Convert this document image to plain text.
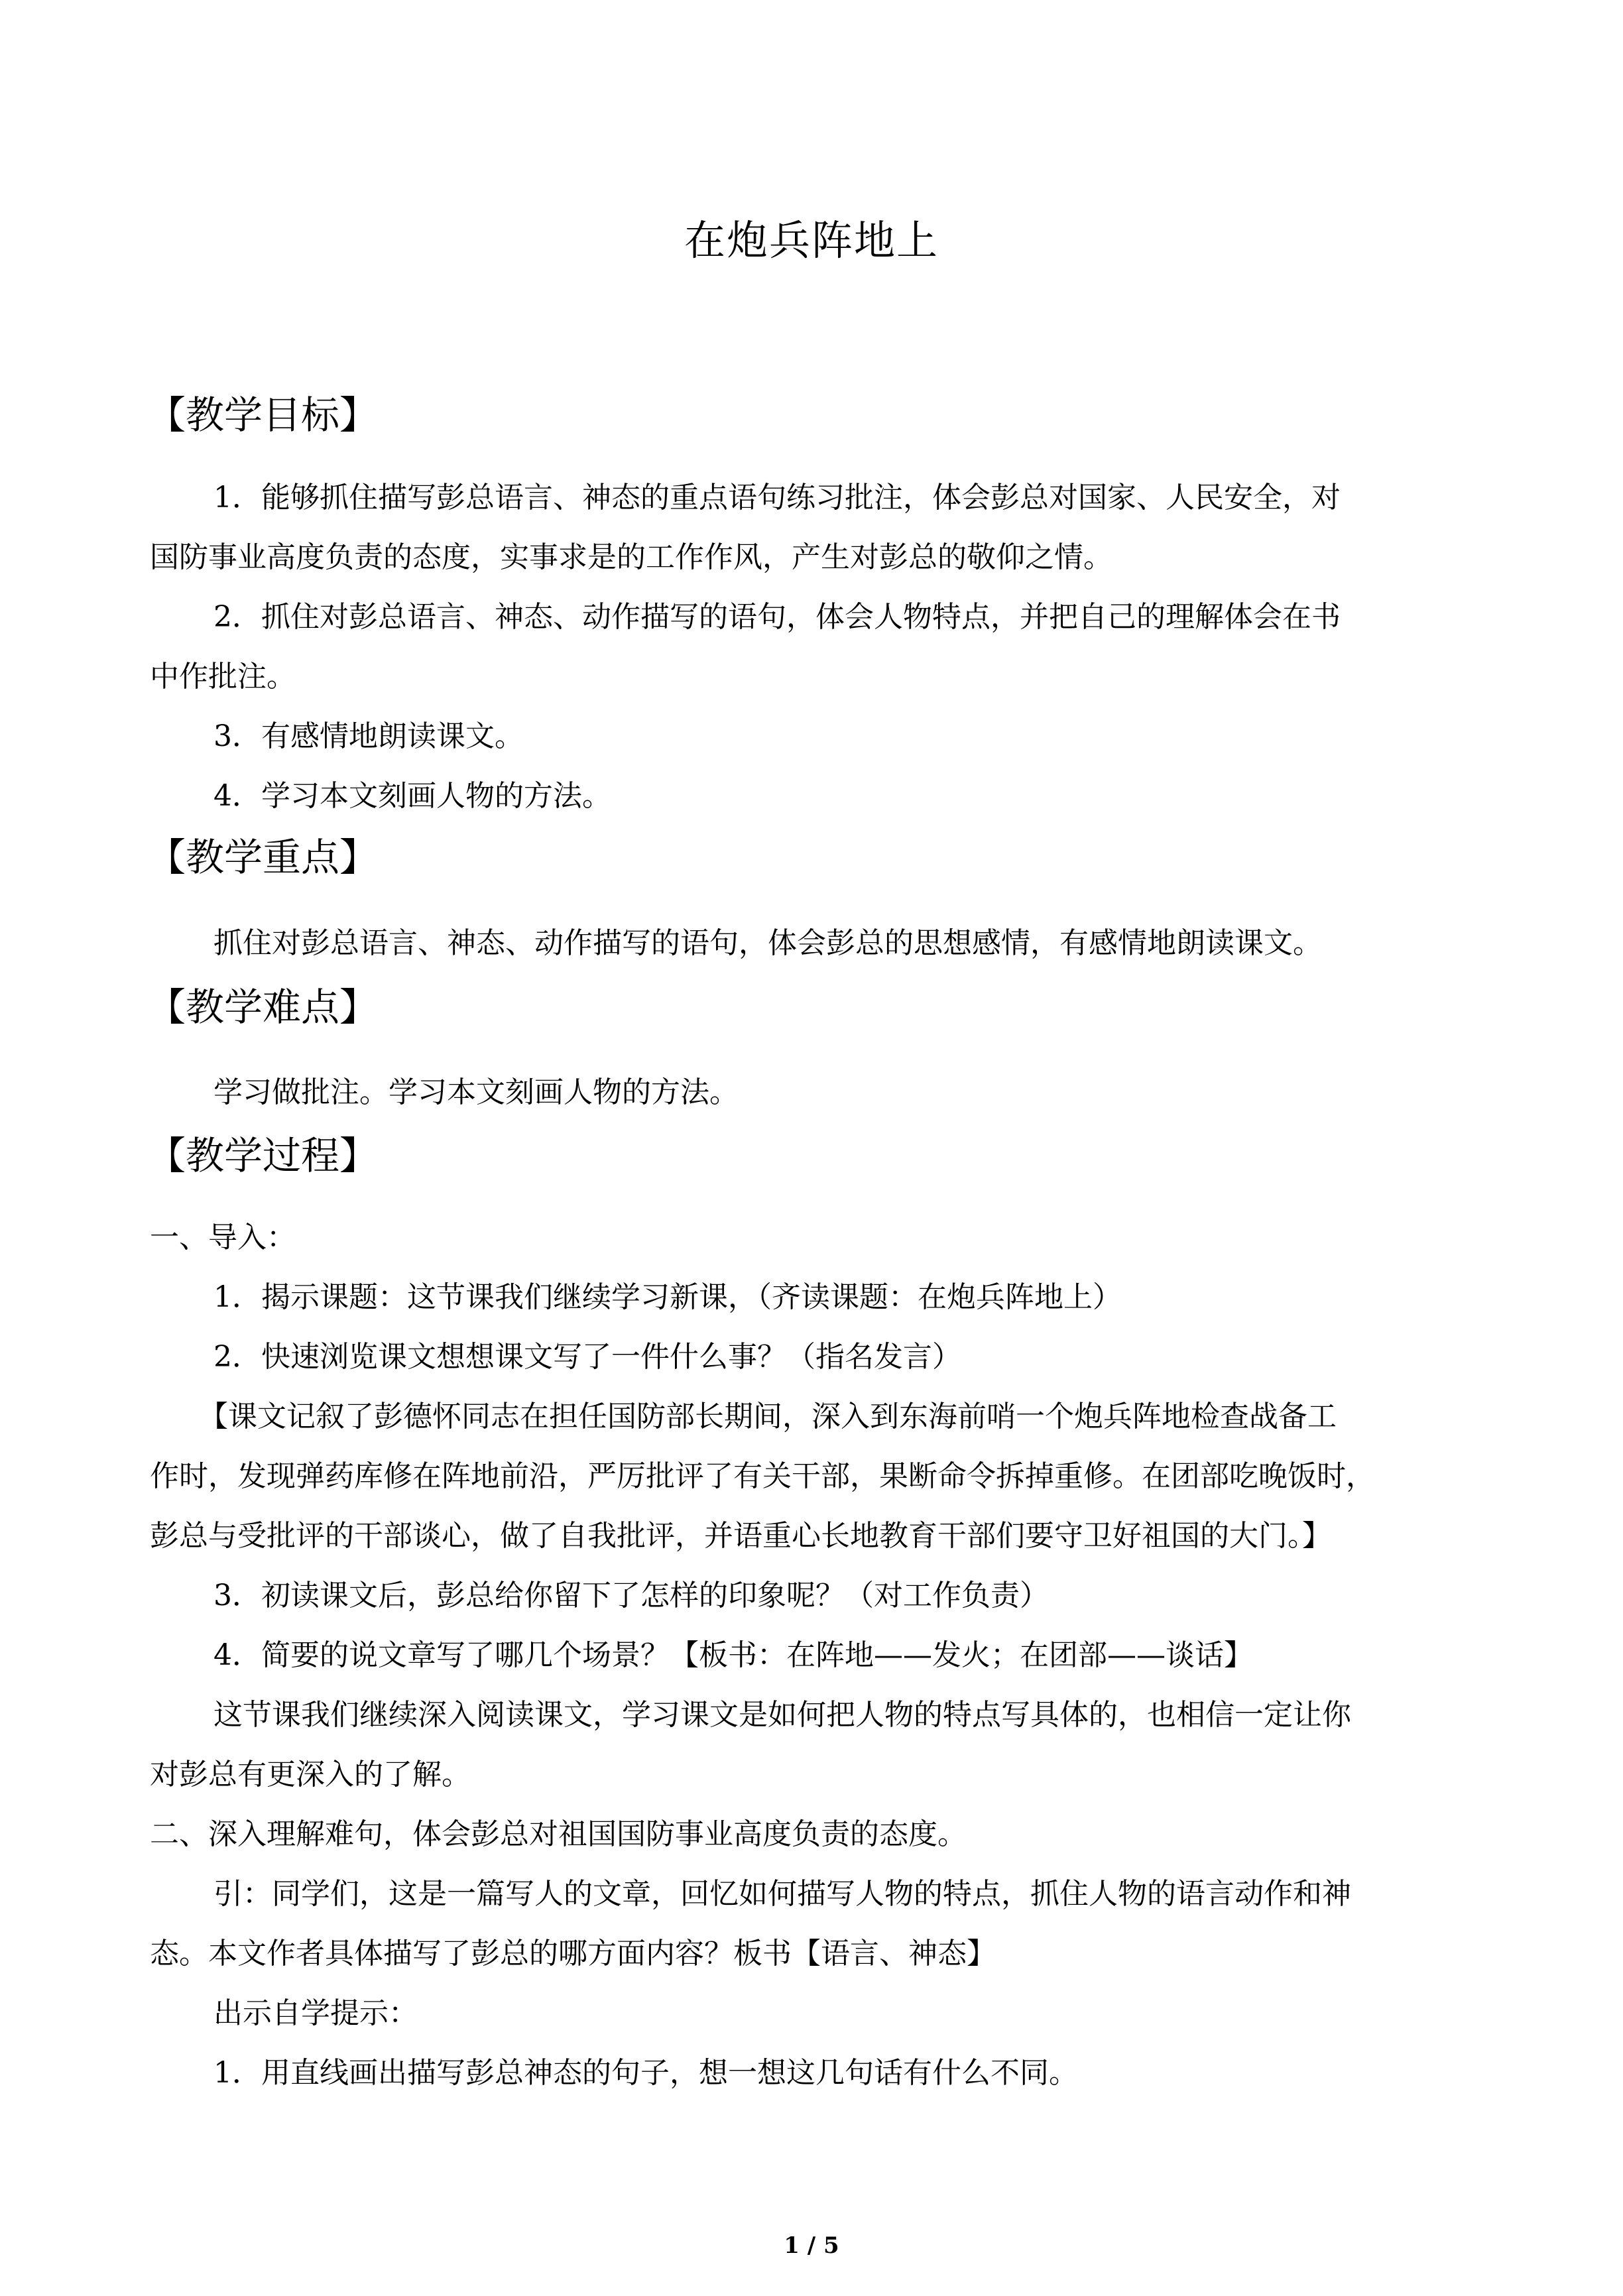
在炮兵阵地上
【教学目标】
1．能够抓住描写彭总语言、神态的重点语句练习批注，体会彭总对国家、人民安全，对
国防事业高度负责的态度，实事求是的工作作风，产生对彭总的敬仰之情。
2．抓住对彭总语言、神态、动作描写的语句，体会人物特点，并把自己的理解体会在书
中作批注。
3．有感情地朗读课文。
4．学习本文刻画人物的方法。
【教学重点】
抓住对彭总语言、神态、动作描写的语句，体会彭总的思想感情，有感情地朗读课文。
【教学难点】
学习做批注。学习本文刻画人物的方法。
【教学过程】
一、导入：
1．揭示课题：这节课我们继续学习新课，（齐读课题：在炮兵阵地上）
2．快速浏览课文想想课文写了一件什么事？（指名发言）
【课文记叙了彭德怀同志在担任国防部长期间，深入到东海前哨一个炮兵阵地检查战备工
作时，发现弹药库修在阵地前沿，严厉批评了有关干部，果断命令拆掉重修。在团部吃晚饭时，
彭总与受批评的干部谈心，做了自我批评，并语重心长地教育干部们要守卫好祖国的大门。】
3．初读课文后，彭总给你留下了怎样的印象呢？（对工作负责）
4．简要的说文章写了哪几个场景？【板书：在阵地——发火；在团部——谈话】
这节课我们继续深入阅读课文，学习课文是如何把人物的特点写具体的，也相信一定让你
对彭总有更深入的了解。
二、深入理解难句，体会彭总对祖国国防事业高度负责的态度。
引：同学们，这是一篇写人的文章，回忆如何描写人物的特点，抓住人物的语言动作和神
态。本文作者具体描写了彭总的哪方面内容？板书【语言、神态】
出示自学提示：
1．用直线画出描写彭总神态的句子，想一想这几句话有什么不同。
1 / 5
